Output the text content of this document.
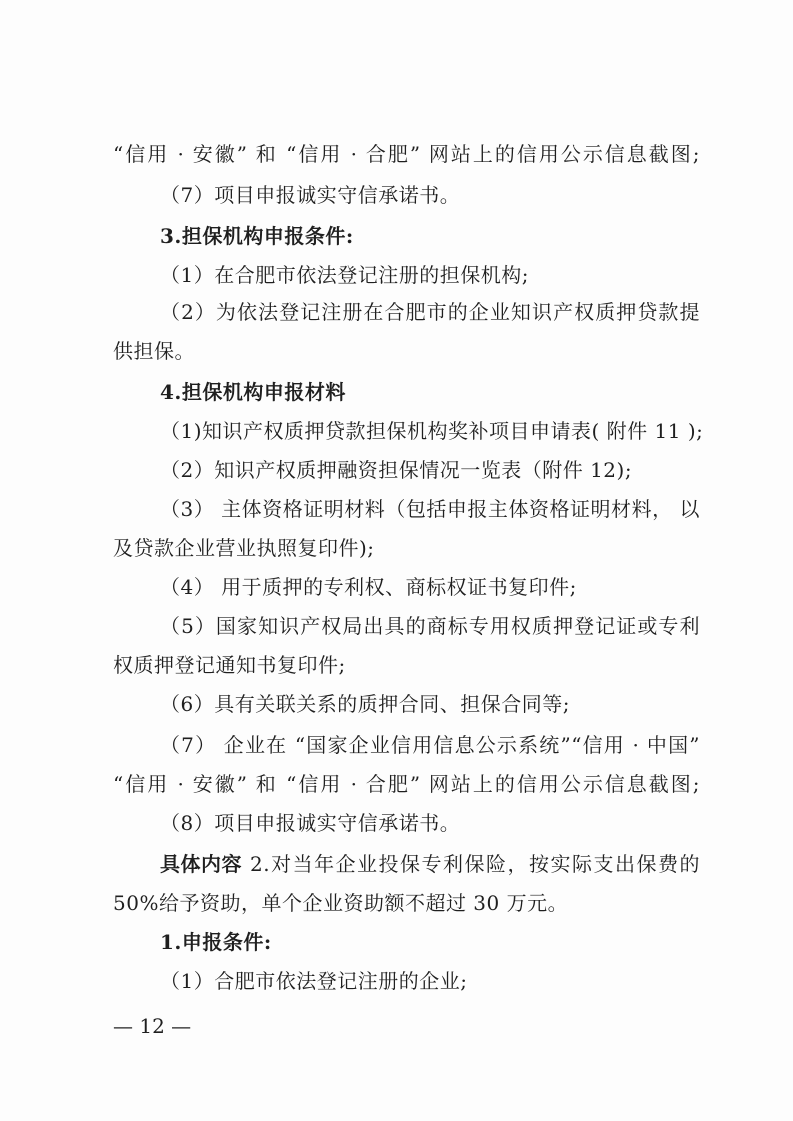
“信用 · 安徽” 和 “信用 · 合肥” 网站上的信用公示信息截图;
（7）项目申报诚实守信承诺书。
3.担保机构申报条件:
（1）在合肥市依法登记注册的担保机构;
（2）为依法登记注册在合肥市的企业知识产权质押贷款提
供担保。
4.担保机构申报材料
（1)知识产权质押贷款担保机构奖补项目申请表( 附件 11 );
（2）知识产权质押融资担保情况一览表（附件 12);
（3） 主体资格证明材料（包括申报主体资格证明材料， 以
及贷款企业营业执照复印件);
（4） 用于质押的专利权、商标权证书复印件;
（5）国家知识产权局出具的商标专用权质押登记证或专利
权质押登记通知书复印件;
（6）具有关联关系的质押合同、担保合同等;
（7） 企业在 “国家企业信用信息公示系统”“信用 · 中国”
“信用 · 安徽” 和 “信用 · 合肥” 网站上的信用公示信息截图;
（8）项目申报诚实守信承诺书。
具体内容 2.对当年企业投保专利保险，按实际支出保费的
50%给予资助，单个企业资助额不超过 30 万元。
1.申报条件:
（1）合肥市依法登记注册的企业;
— 12 —
